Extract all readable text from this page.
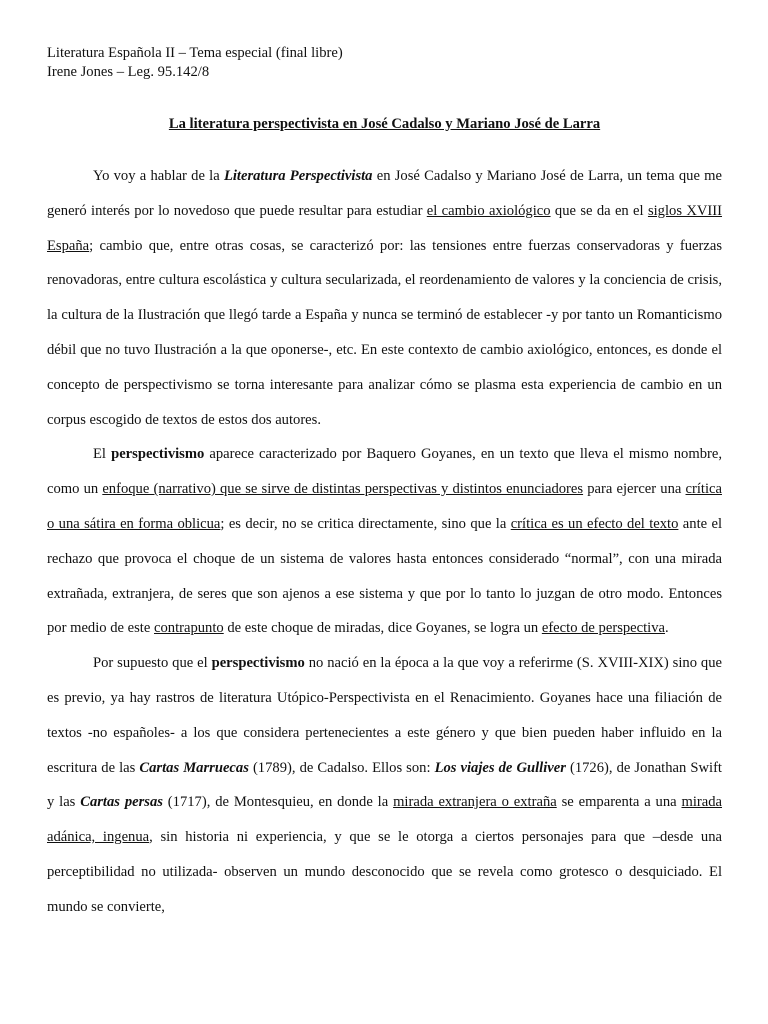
Literatura Española II – Tema especial (final libre)

Irene Jones – Leg. 95.142/8

La literatura perspectivista en José Cadalso y Mariano José de Larra

Yo voy a hablar de la Literatura Perspectivista en José Cadalso y Mariano José de Larra, un tema que me generó interés por lo novedoso que puede resultar para estudiar el cambio axiológico que se da en el siglos XVIII España; cambio que, entre otras cosas, se caracterizó por: las tensiones entre fuerzas conservadoras y fuerzas renovadoras, entre cultura escolástica y cultura secularizada, el reordenamiento de valores y la conciencia de crisis, la cultura de la Ilustración que llegó tarde a España y nunca se terminó de establecer -y por tanto un Romanticismo débil que no tuvo Ilustración a la que oponerse-, etc. En este contexto de cambio axiológico, entonces, es donde el concepto de perspectivismo se torna interesante para analizar cómo se plasma esta experiencia de cambio en un corpus escogido de textos de estos dos autores.

El perspectivismo aparece caracterizado por Baquero Goyanes, en un texto que lleva el mismo nombre, como un enfoque (narrativo) que se sirve de distintas perspectivas y distintos enunciadores para ejercer una crítica o una sátira en forma oblicua; es decir, no se critica directamente, sino que la crítica es un efecto del texto ante el rechazo que provoca el choque de un sistema de valores hasta entonces considerado “normal”, con una mirada extrañada, extranjera, de seres que son ajenos a ese sistema y que por lo tanto lo juzgan de otro modo. Entonces por medio de este contrapunto de este choque de miradas, dice Goyanes, se logra un efecto de perspectiva.

Por supuesto que el perspectivismo no nació en la época a la que voy a referirme (S. XVIII-XIX) sino que es previo, ya hay rastros de literatura Utópico-Perspectivista en el Renacimiento. Goyanes hace una filiación de textos -no españoles- a los que considera pertenecientes a este género y que bien pueden haber influido en la escritura de las Cartas Marruecas (1789), de Cadalso. Ellos son: Los viajes de Gulliver (1726), de Jonathan Swift y las Cartas persas (1717), de Montesquieu, en donde la mirada extranjera o extraña se emparenta a una mirada adánica, ingenua, sin historia ni experiencia, y que se le otorga a ciertos personajes para que –desde una perceptibilidad no utilizada- observen un mundo desconocido que se revela como grotesco o desquiciado. El mundo se convierte,
